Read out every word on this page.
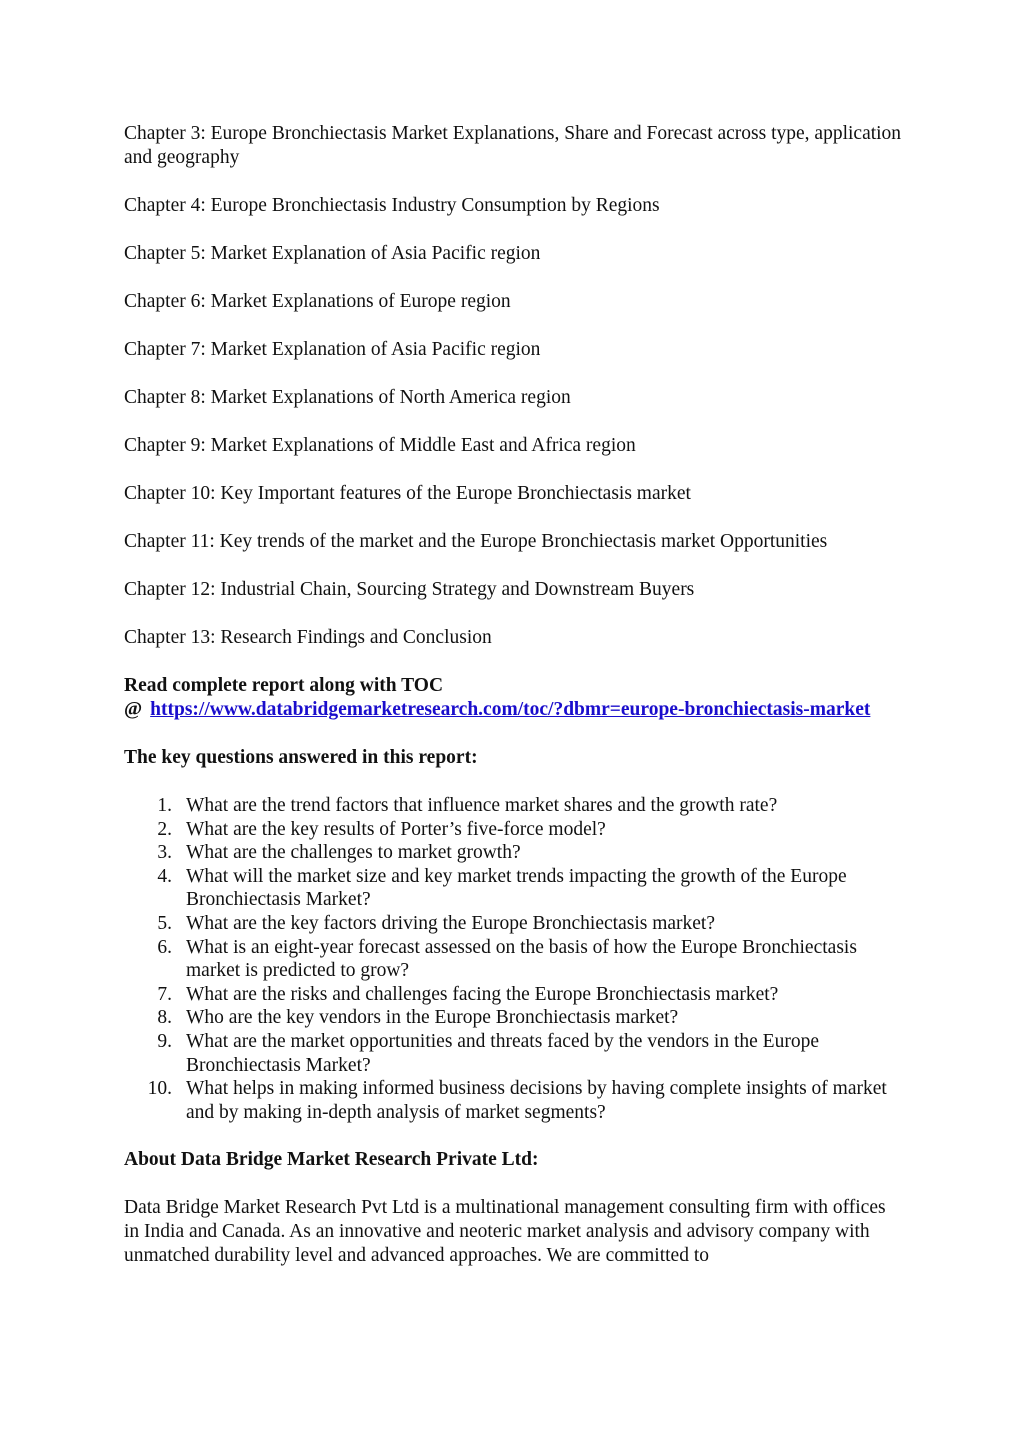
Chapter 3: Europe Bronchiectasis Market Explanations, Share and Forecast across type, application and geography

Chapter 4: Europe Bronchiectasis Industry Consumption by Regions

Chapter 5: Market Explanation of Asia Pacific region

Chapter 6: Market Explanations of Europe region

Chapter 7: Market Explanation of Asia Pacific region

Chapter 8: Market Explanations of North America region

Chapter 9: Market Explanations of Middle East and Africa region

Chapter 10: Key Important features of the Europe Bronchiectasis market

Chapter 11: Key trends of the market and the Europe Bronchiectasis market Opportunities

Chapter 12: Industrial Chain, Sourcing Strategy and Downstream Buyers

Chapter 13: Research Findings and Conclusion

Read complete report along with TOC
@ https://www.databridgemarketresearch.com/toc/?dbmr=europe-bronchiectasis-market

The key questions answered in this report:

1. What are the trend factors that influence market shares and the growth rate?
2. What are the key results of Porter’s five-force model?
3. What are the challenges to market growth?
4. What will the market size and key market trends impacting the growth of the Europe Bronchiectasis Market?
5. What are the key factors driving the Europe Bronchiectasis market?
6. What is an eight-year forecast assessed on the basis of how the Europe Bronchiectasis market is predicted to grow?
7. What are the risks and challenges facing the Europe Bronchiectasis market?
8. Who are the key vendors in the Europe Bronchiectasis market?
9. What are the market opportunities and threats faced by the vendors in the Europe Bronchiectasis Market?
10. What helps in making informed business decisions by having complete insights of market and by making in-depth analysis of market segments?

About Data Bridge Market Research Private Ltd:

Data Bridge Market Research Pvt Ltd is a multinational management consulting firm with offices in India and Canada. As an innovative and neoteric market analysis and advisory company with unmatched durability level and advanced approaches. We are committed to
